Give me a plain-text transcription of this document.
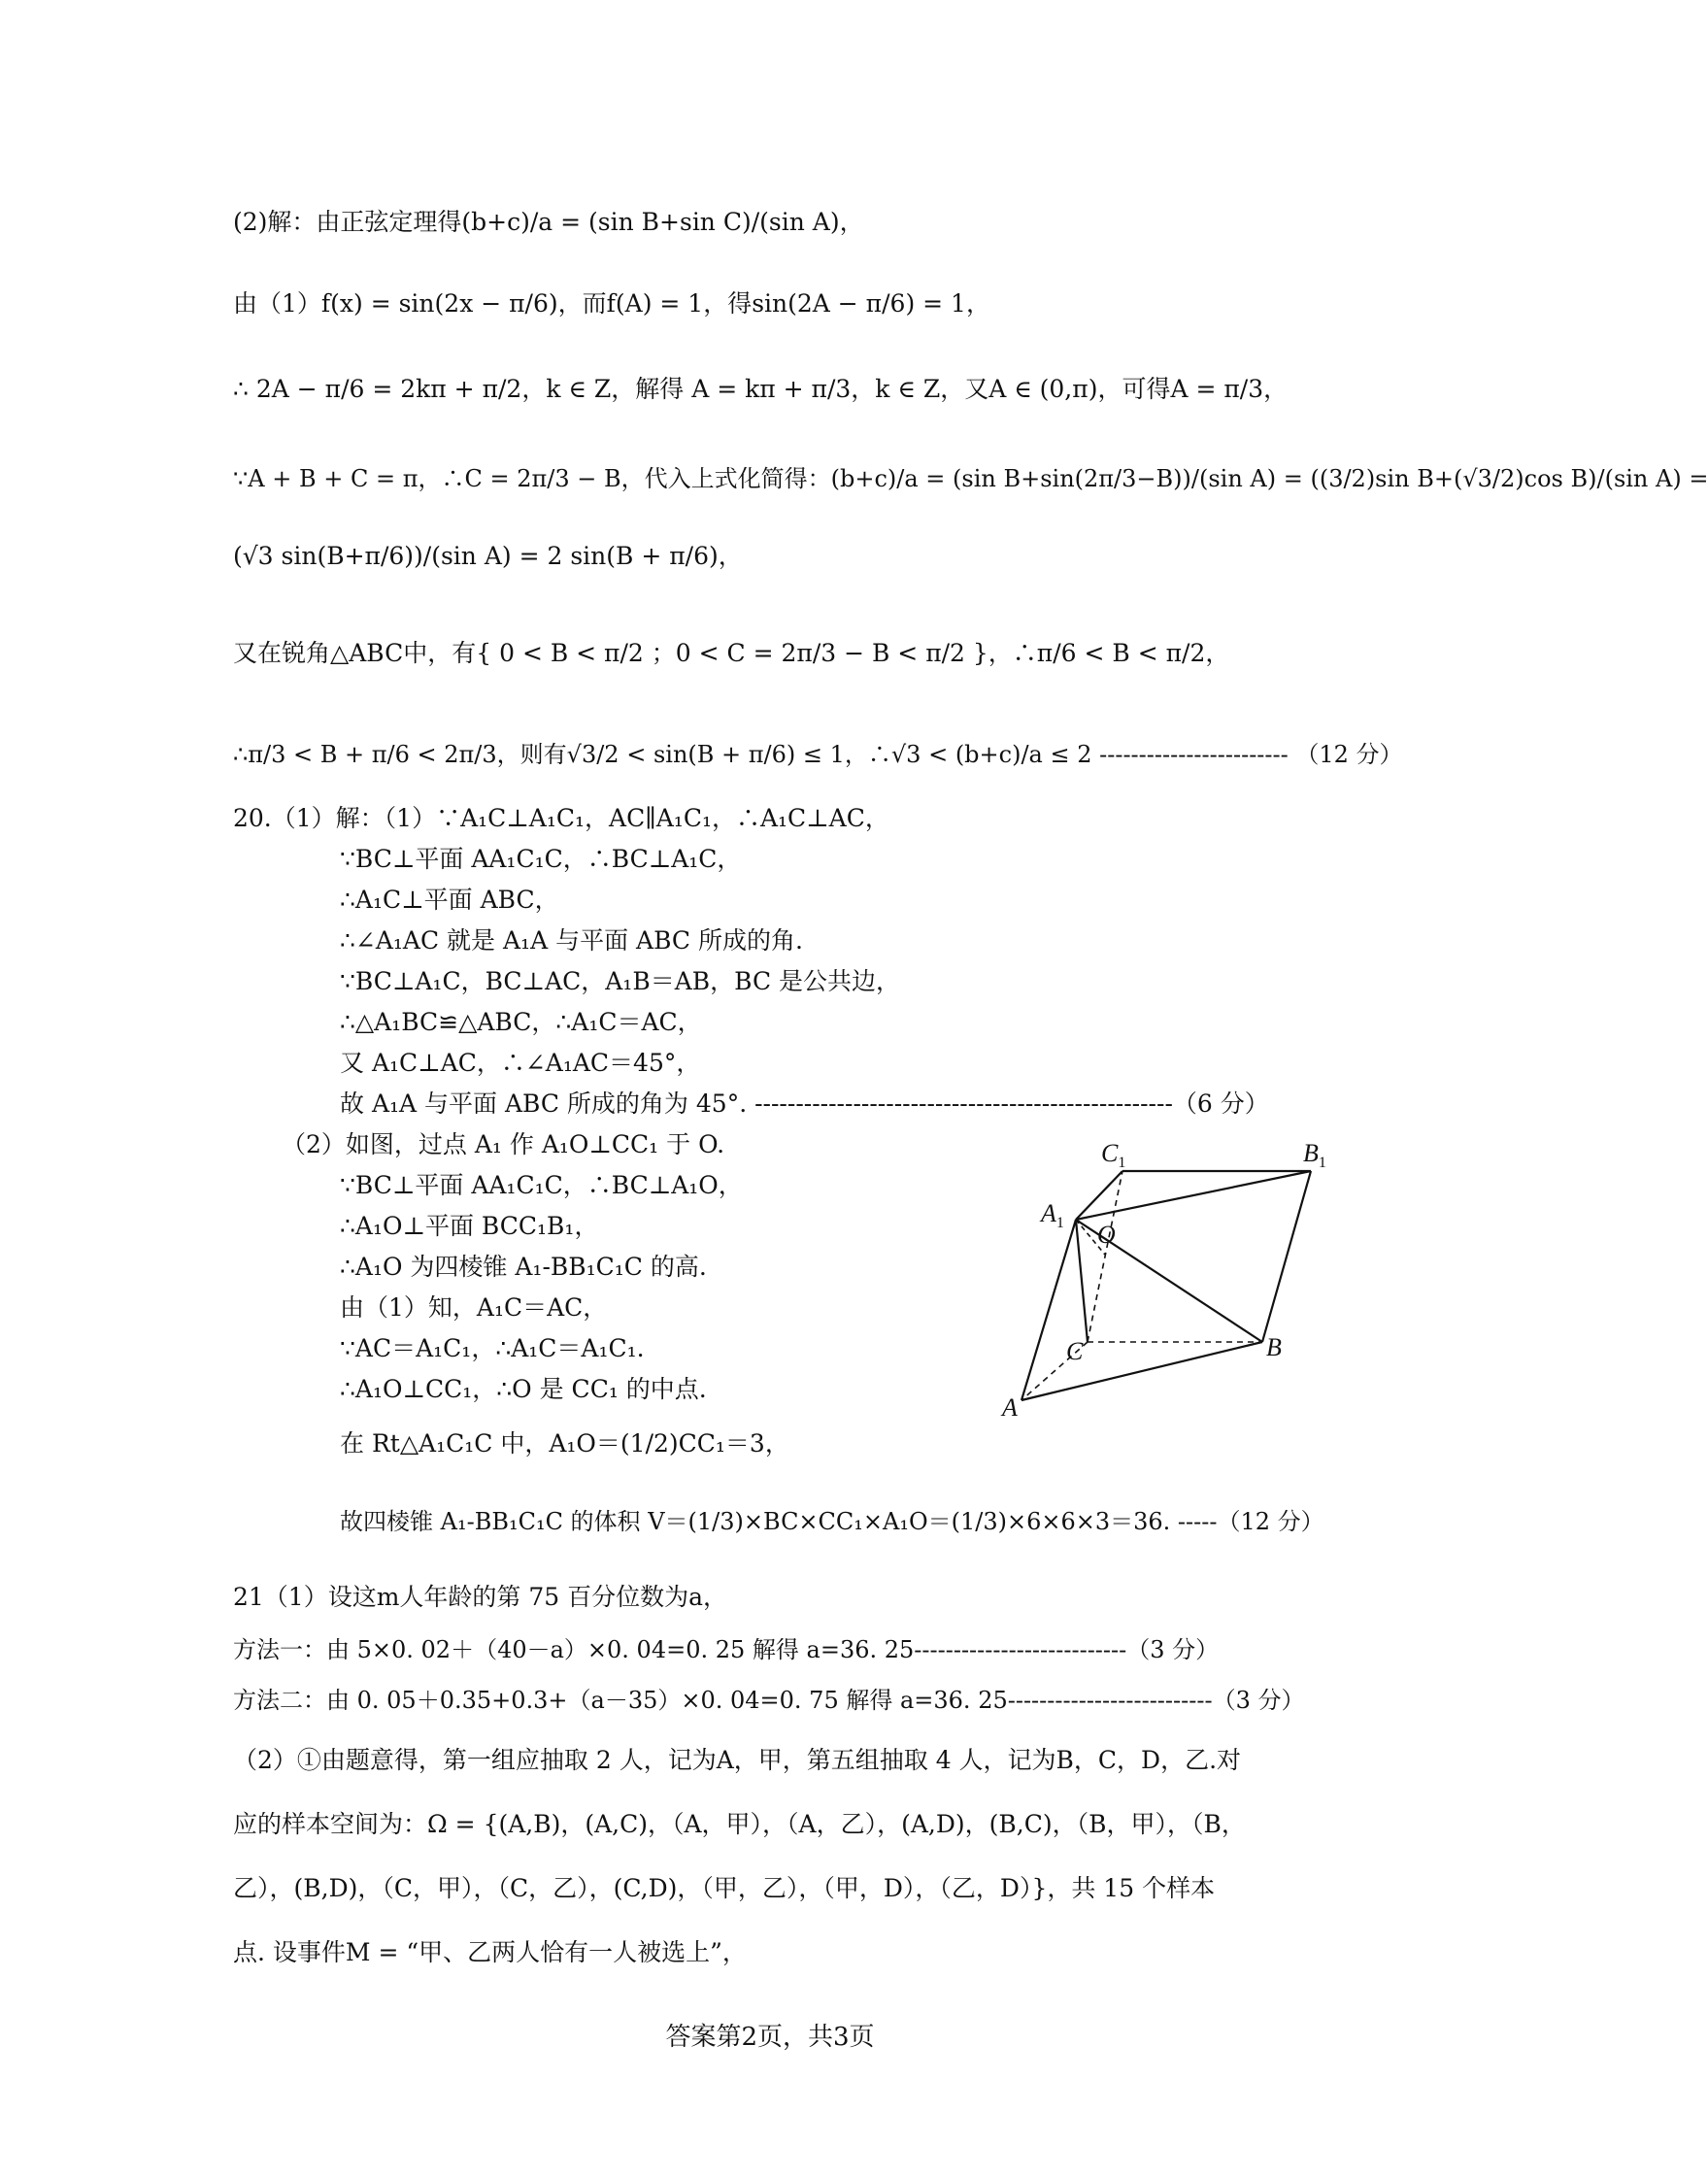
(2)解：由正弦定理得(b+c)/a = (sin B+sin C)/(sin A)，
由（1）f(x) = sin(2x − π/6)，而f(A) = 1，得sin(2A − π/6) = 1，
∴ 2A − π/6 = 2kπ + π/2，k ∈ Z，解得 A = kπ + π/3，k ∈ Z，又A ∈ (0,π)，可得A = π/3，
∵A + B + C = π，∴C = 2π/3 − B，代入上式化简得：(b+c)/a = (sin B+sin(2π/3−B))/(sin A) = ((3/2)sin B+(√3/2)cos B)/(sin A) =
(√3 sin(B+π/6))/(sin A) = 2 sin(B + π/6)，
又在锐角△ABC中，有{ 0 < B < π/2 ；0 < C = 2π/3 − B < π/2 }，∴π/6 < B < π/2，
∴π/3 < B + π/6 < 2π/3，则有√3/2 < sin(B + π/6) ≤ 1，∴√3 < (b+c)/a ≤ 2 ------------------------ （12 分）
20.（1）解：（1）∵A₁C⊥A₁C₁，AC∥A₁C₁，∴A₁C⊥AC，
∵BC⊥平面 AA₁C₁C，∴BC⊥A₁C，
∴A₁C⊥平面 ABC，
∴∠A₁AC 就是 A₁A 与平面 ABC 所成的角.
∵BC⊥A₁C，BC⊥AC，A₁B＝AB，BC 是公共边，
∴△A₁BC≌△ABC，∴A₁C＝AC，
又 A₁C⊥AC，∴∠A₁AC＝45°，
故 A₁A 与平面 ABC 所成的角为 45°. ---------------------------------------------------（6 分）
（2）如图，过点 A₁ 作 A₁O⊥CC₁ 于 O.
∵BC⊥平面 AA₁C₁C，∴BC⊥A₁O，
∴A₁O⊥平面 BCC₁B₁，
∴A₁O 为四棱锥 A₁-BB₁C₁C 的高.
由（1）知，A₁C＝AC，
∵AC＝A₁C₁，∴A₁C＝A₁C₁.
∴A₁O⊥CC₁，∴O 是 CC₁ 的中点.
在 Rt△A₁C₁C 中，A₁O＝(1/2)CC₁＝3，
故四棱锥 A₁-BB₁C₁C 的体积 V＝(1/3)×BC×CC₁×A₁O＝(1/3)×6×6×3＝36. -----（12 分）
$C_1$	$B_1$
$A_1$ O
C	B
A
21（1）设这m人年龄的第 75 百分位数为a，
方法一：由 5×0. 02＋（40－a）×0. 04=0. 25 解得 a=36. 25---------------------------（3 分）
方法二：由 0. 05＋0.35+0.3+（a－35）×0. 04=0. 75 解得 a=36. 25--------------------------（3 分）
（2）①由题意得，第一组应抽取 2 人，记为A，甲，第五组抽取 4 人，记为B，C，D，乙.对
应的样本空间为：Ω = {(A,B)，(A,C)，（A，甲），（A，乙），(A,D)，(B,C)，（B，甲），（B，
乙），(B,D)，（C，甲），（C，乙），(C,D)，（甲，乙），（甲，D），（乙，D）}，共 15 个样本
点. 设事件M = “甲、乙两人恰有一人被选上”，
答案第2页，共3页
